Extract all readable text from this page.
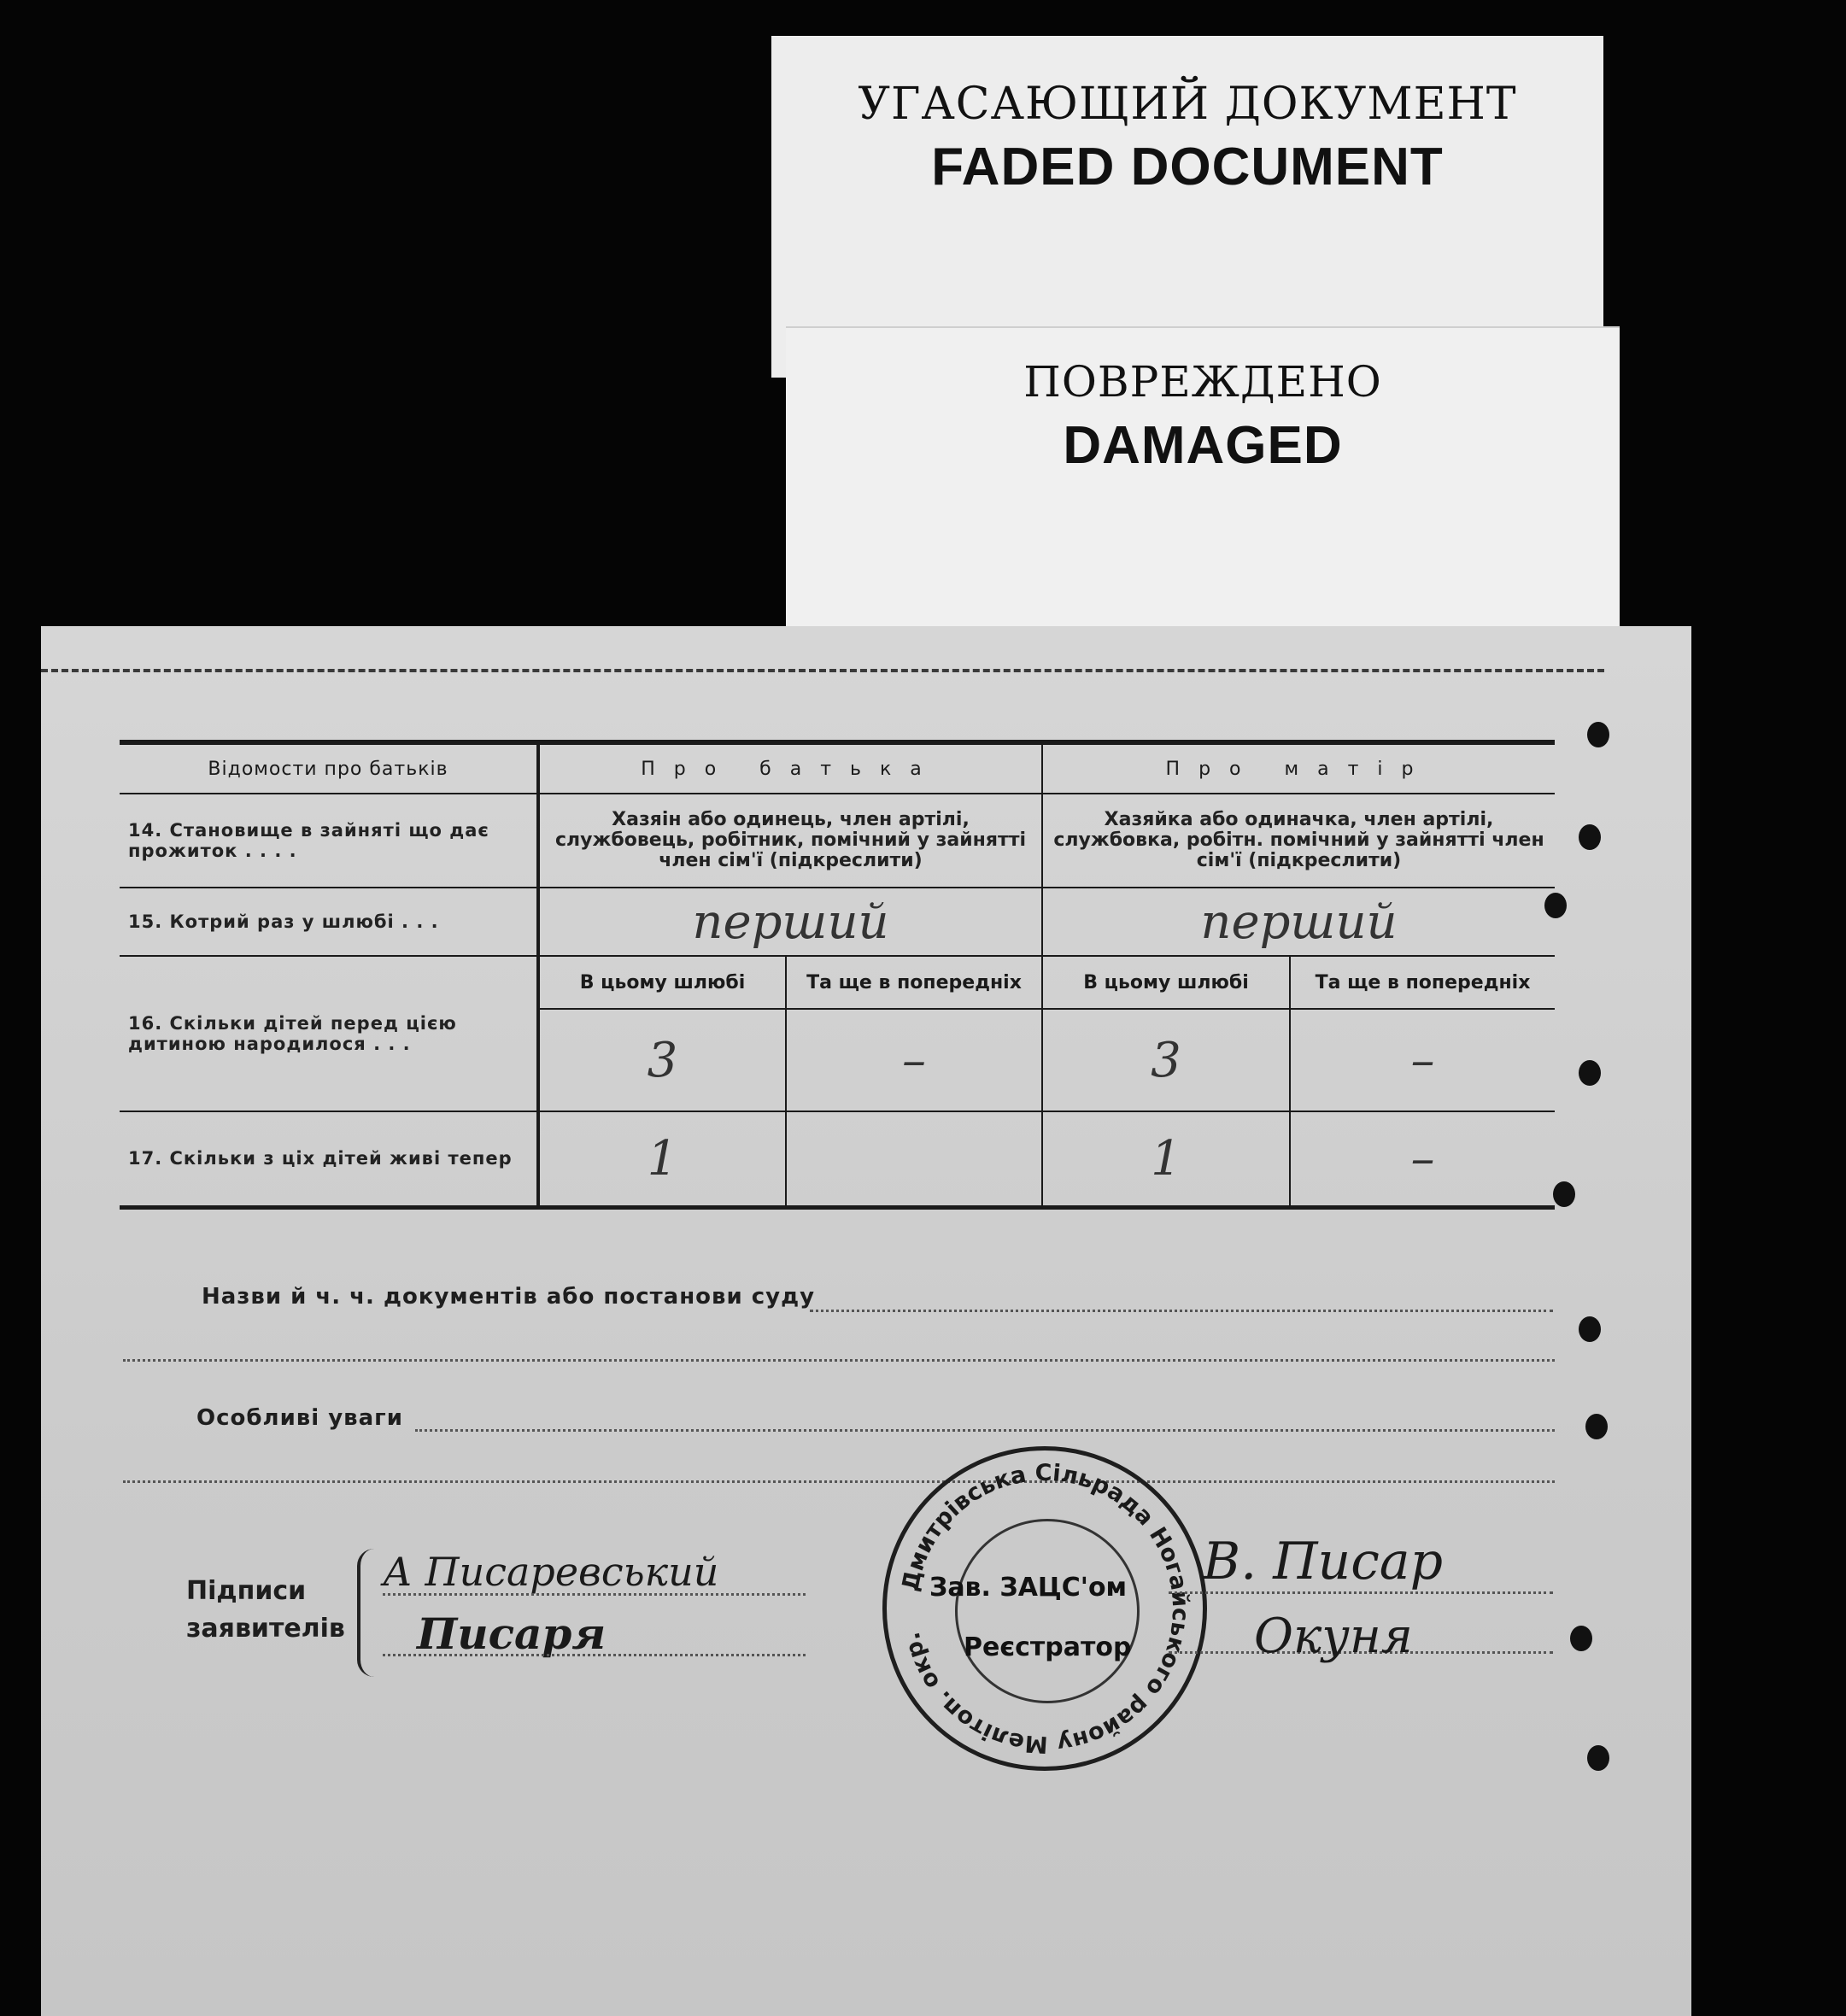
УГАСАЮЩИЙ ДОКУМЕНТ
FADED DOCUMENT
ПОВРЕЖДЕНО
DAMAGED
Відомости про батьків	Про батька		Про матір	
14. Становище в зайняті що дає прожиток . . . .	Хазяін або одинець, член артілі, службовець, робітник, помічний у зайнятті член сім'ї (підкреслити)		Хазяйка або одиначка, член артілі, службовка, робітн. помічний у зайнятті член сім'ї (підкреслити)	
15. Котрий раз у шлюбі . . .	перший		перший	
16. Скільки дітей перед цією дитиною народилося . . .	В цьому шлюбі	Та ще в попередніх	В цьому шлюбі	Та ще в попередніх
	3	–	3	–
17. Скільки з ціх дітей живі тепер	1		1	–
Назви й ч. ч. документів або постанови суду
Особливі уваги
Підписи
заявителів
А Писаревський
Писаря
Дмитрівська Сільрада Ногайського району Мелітоп. окр.
Зав. ЗАЦС'ом
Реєстратор
В. Писар
Окуня
